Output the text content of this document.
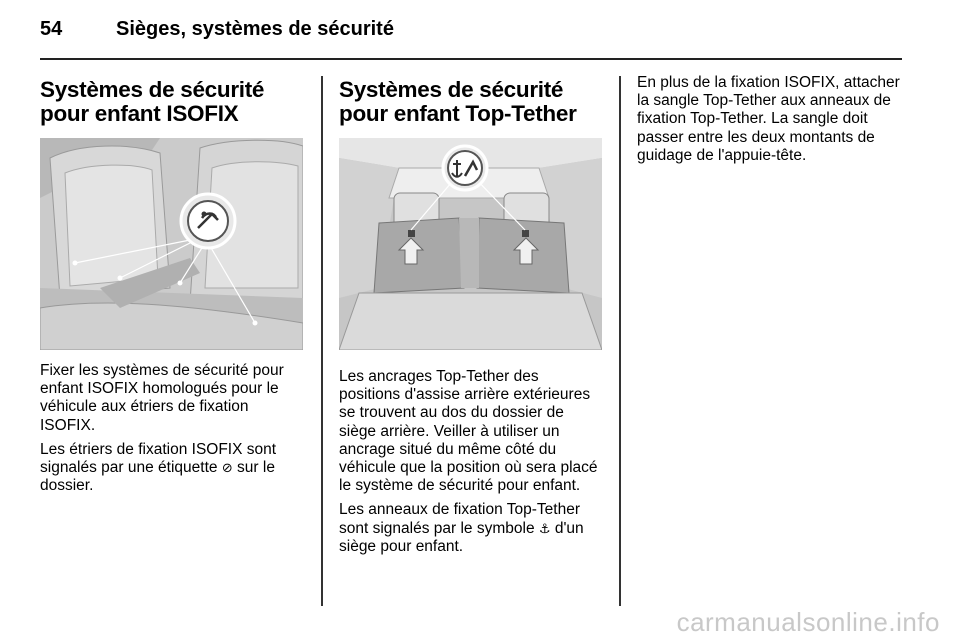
54	Sièges, systèmes de sécurité
Systèmes de sécurité pour enfant ISOFIX

Fixer les systèmes de sécurité pour enfant ISOFIX homologués pour le véhicule aux étriers de fixation ISOFIX.

Les étriers de fixation ISOFIX sont signalés par une étiquette ⊘ sur le dossier.

Systèmes de sécurité pour enfant Top-Tether

Les ancrages Top-Tether des positions d'assise arrière extérieures se trouvent au dos du dossier de siège arrière. Veiller à utiliser un ancrage situé du même côté du véhicule que la position où sera placé le système de sécurité pour enfant.

Les anneaux de fixation Top-Tether sont signalés par le symbole ⚓ d'un siège pour enfant.

En plus de la fixation ISOFIX, attacher la sangle Top-Tether aux anneaux de fixation Top-Tether. La sangle doit passer entre les deux montants de guidage de l'appuie-tête.

carmanualsonline.info
